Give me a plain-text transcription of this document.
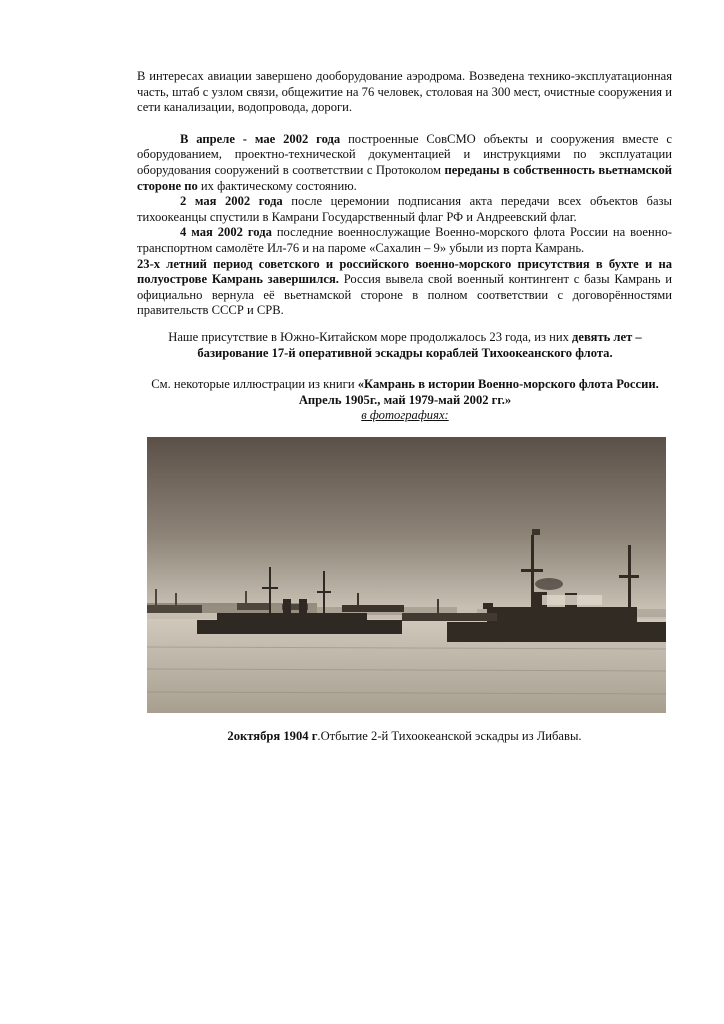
В интересах авиации завершено дооборудование аэродрома. Возведена технико-эксплуатационная часть, штаб с узлом связи, общежитие на 76 человек, столовая на 300 мест, очистные сооружения и сети канализации, водопровода, дороги.

В апреле - мае 2002 года построенные СовСМО объекты и сооружения вместе с оборудованием, проектно-технической документацией и инструкциями по эксплуатации оборудования сооружений в соответствии с Протоколом переданы в собственность вьетнамской стороне по их фактическому состоянию.

2 мая 2002 года после церемонии подписания акта передачи всех объектов базы тихоокеанцы спустили в Камрани Государственный флаг РФ и Андреевский флаг.

4 мая 2002 года последние военнослужащие Военно-морского флота России на военно-транспортном самолёте Ил-76 и на пароме «Сахалин – 9» убыли из порта Камрань.

23-х летний период советского и российского военно-морского присутствия в бухте и на полуострове Камрань завершился. Россия вывела свой военный контингент с базы Камрань и официально вернула её вьетнамской стороне в полном соответствии с договорённостями правительств СССР и СРВ.

Наше присутствие в Южно-Китайском море продолжалось 23 года, из них девять лет – базирование 17-й оперативной эскадры кораблей Тихоокеанского флота.

См. некоторые иллюстрации из книги «Камрань в истории Военно-морского флота России. Апрель 1905г., май 1979-май 2002 гг.»

в фотографиях:

2октября 1904 г.Отбытие 2-й Тихоокеанской эскадры из Либавы.
